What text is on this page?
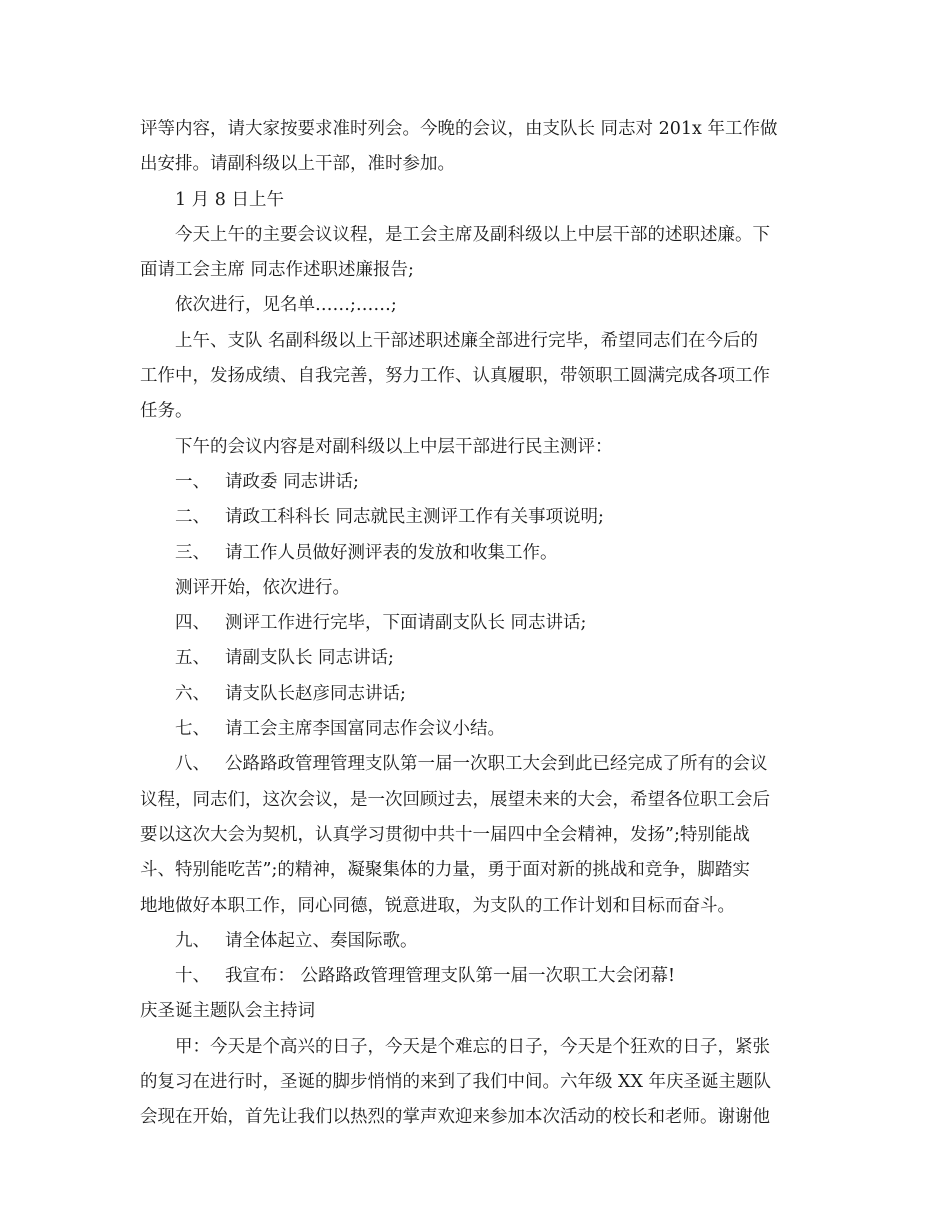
评等内容，请大家按要求准时列会。今晚的会议，由支队长 同志对 201x 年工作做
出安排。请副科级以上干部，准时参加。
1 月 8 日上午
今天上午的主要会议议程，是工会主席及副科级以上中层干部的述职述廉。下
面请工会主席 同志作述职述廉报告;
依次进行，见名单……;……;
上午、支队 名副科级以上干部述职述廉全部进行完毕，希望同志们在今后的
工作中，发扬成绩、自我完善，努力工作、认真履职，带领职工圆满完成各项工作
任务。
下午的会议内容是对副科级以上中层干部进行民主测评：
一、 请政委 同志讲话;
二、 请政工科科长 同志就民主测评工作有关事项说明;
三、 请工作人员做好测评表的发放和收集工作。
测评开始，依次进行。
四、 测评工作进行完毕，下面请副支队长 同志讲话;
五、 请副支队长 同志讲话;
六、 请支队长赵彦同志讲话;
七、 请工会主席李国富同志作会议小结。
八、 公路路政管理管理支队第一届一次职工大会到此已经完成了所有的会议
议程，同志们，这次会议，是一次回顾过去，展望未来的大会，希望各位职工会后
要以这次大会为契机，认真学习贯彻中共十一届四中全会精神，发扬”;特别能战
斗、特别能吃苦”;的精神，凝聚集体的力量，勇于面对新的挑战和竞争，脚踏实
地地做好本职工作，同心同德，锐意进取，为支队的工作计划和目标而奋斗。
九、 请全体起立、奏国际歌。
十、 我宣布： 公路路政管理管理支队第一届一次职工大会闭幕!
庆圣诞主题队会主持词
甲：今天是个高兴的日子，今天是个难忘的日子，今天是个狂欢的日子，紧张
的复习在进行时，圣诞的脚步悄悄的来到了我们中间。六年级 XX 年庆圣诞主题队
会现在开始，首先让我们以热烈的掌声欢迎来参加本次活动的校长和老师。谢谢他
